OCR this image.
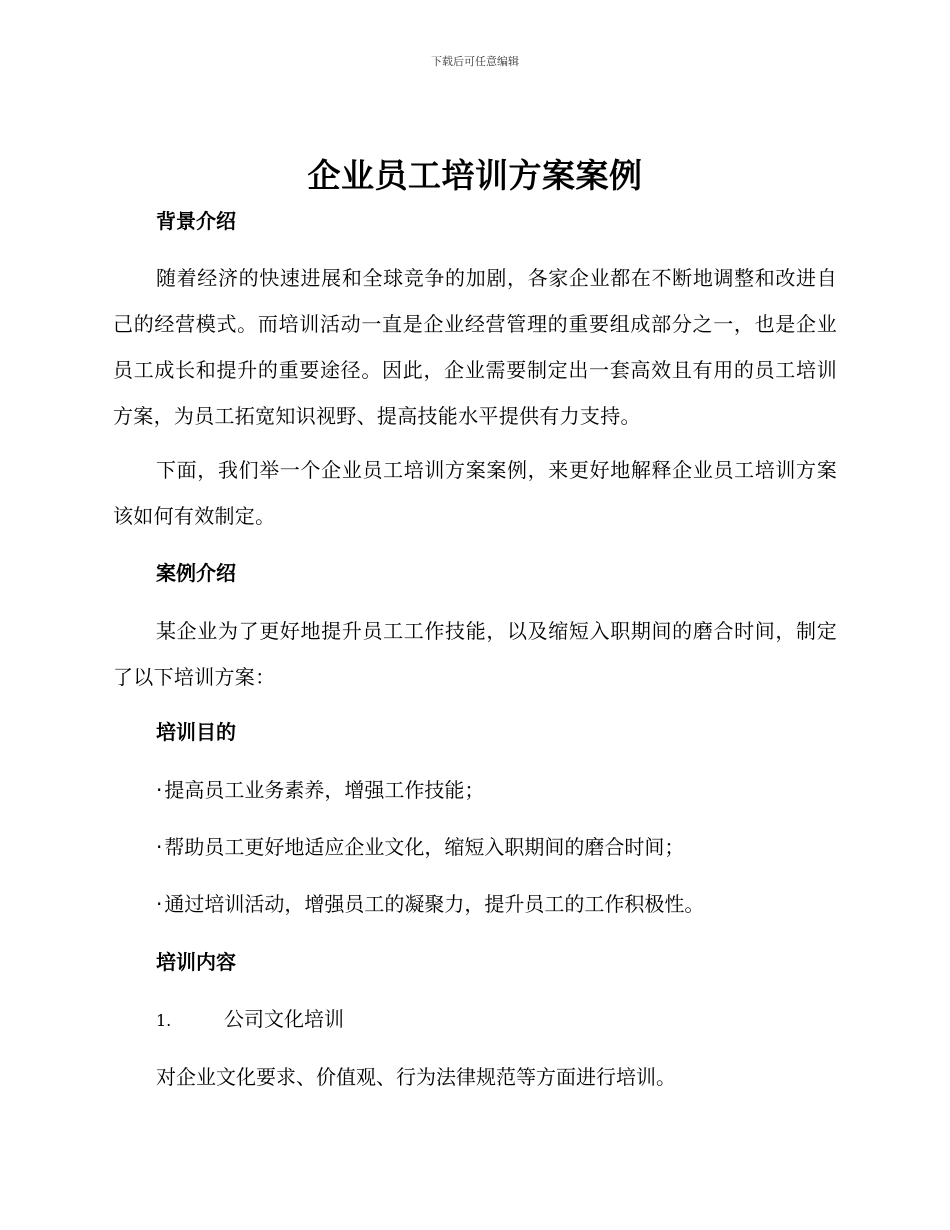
下载后可任意编辑
企业员工培训方案案例
背景介绍

随着经济的快速进展和全球竞争的加剧，各家企业都在不断地调整和改进自己的经营模式。而培训活动一直是企业经营管理的重要组成部分之一，也是企业员工成长和提升的重要途径。因此，企业需要制定出一套高效且有用的员工培训方案，为员工拓宽知识视野、提高技能水平提供有力支持。

下面，我们举一个企业员工培训方案案例，来更好地解释企业员工培训方案该如何有效制定。

案例介绍

某企业为了更好地提升员工工作技能，以及缩短入职期间的磨合时间，制定了以下培训方案：

培训目的
· 提高员工业务素养，增强工作技能；
· 帮助员工更好地适应企业文化，缩短入职期间的磨合时间；
· 通过培训活动，增强员工的凝聚力，提升员工的工作积极性。
培训内容
1.	公司文化培训
对企业文化要求、价值观、行为法律规范等方面进行培训。
